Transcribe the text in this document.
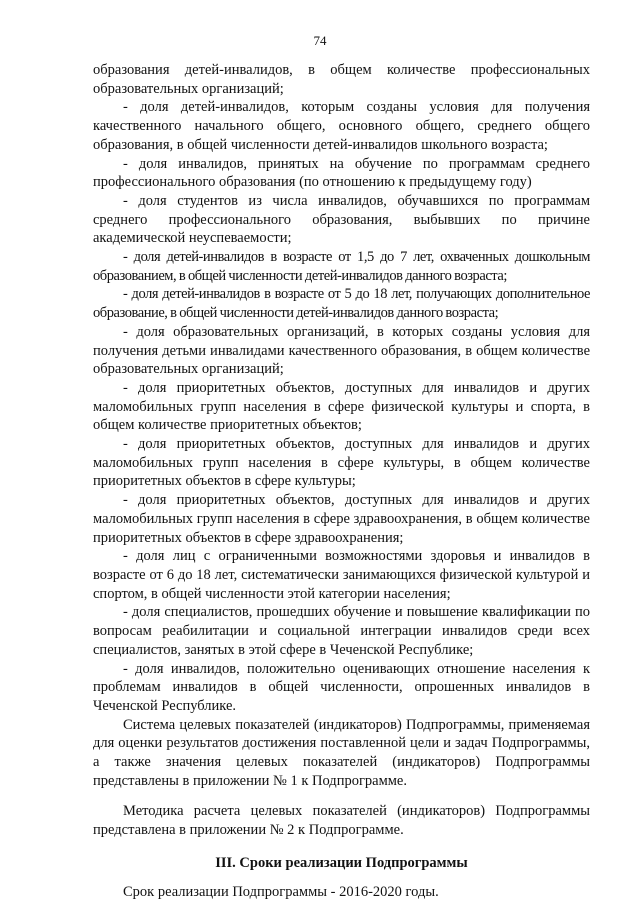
74

образования детей-инвалидов, в общем количестве профессиональных образовательных организаций;

- доля детей-инвалидов, которым созданы условия для получения качественного начального общего, основного общего, среднего общего образования, в общей численности детей-инвалидов школьного возраста;

- доля инвалидов, принятых на обучение по программам среднего профессионального образования (по отношению к предыдущему году)

- доля студентов из числа инвалидов, обучавшихся по программам среднего профессионального образования, выбывших по причине академической неуспеваемости;

- доля детей-инвалидов в возрасте от 1,5 до 7 лет, охваченных дошкольным образованием, в общей численности детей-инвалидов данного возраста;

- доля детей-инвалидов в возрасте от 5 до 18 лет, получающих дополнительное образование, в общей численности детей-инвалидов данного возраста;

- доля образовательных организаций, в которых созданы условия для получения детьми инвалидами качественного образования, в общем количестве образовательных организаций;

- доля приоритетных объектов, доступных для инвалидов и других маломобильных групп населения в сфере физической культуры и спорта, в общем количестве приоритетных объектов;

- доля приоритетных объектов, доступных для инвалидов и других маломобильных групп населения в сфере культуры, в общем количестве приоритетных объектов в сфере культуры;

- доля приоритетных объектов, доступных для инвалидов и других маломобильных групп населения в сфере здравоохранения, в общем количестве приоритетных объектов в сфере здравоохранения;

- доля лиц с ограниченными возможностями здоровья и инвалидов в возрасте от 6 до 18 лет, систематически занимающихся физической культурой и спортом, в общей численности этой категории населения;

- доля специалистов, прошедших обучение и повышение квалификации по вопросам реабилитации и социальной интеграции инвалидов среди всех специалистов, занятых в этой сфере в Чеченской Республике;

- доля инвалидов, положительно оценивающих отношение населения к проблемам инвалидов в общей численности, опрошенных инвалидов в Чеченской Республике.

Система целевых показателей (индикаторов) Подпрограммы, применяемая для оценки результатов достижения поставленной цели и задач Подпрограммы, а также значения целевых показателей (индикаторов) Подпрограммы представлены в приложении № 1 к Подпрограмме.

Методика расчета целевых показателей (индикаторов) Подпрограммы представлена в приложении № 2 к Подпрограмме.

III. Сроки реализации Подпрограммы

Срок реализации Подпрограммы - 2016-2020 годы.
